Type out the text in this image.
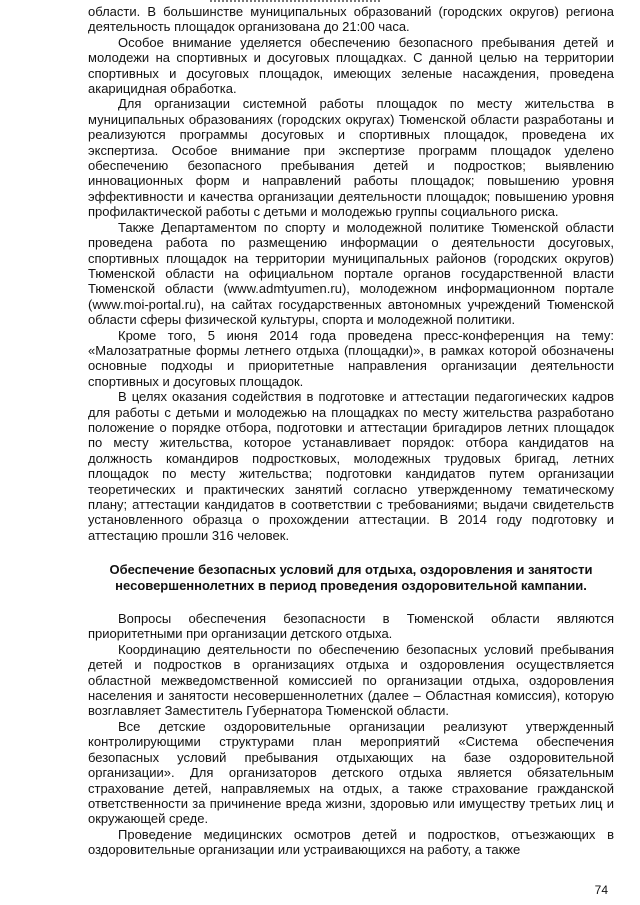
области. В большинстве муниципальных образований (городских округов) региона деятельность площадок организована до 21:00 часа.

Особое внимание уделяется обеспечению безопасного пребывания детей и молодежи на спортивных и досуговых площадках. С данной целью на территории спортивных и досуговых площадок, имеющих зеленые насаждения, проведена акарицидная обработка.

Для организации системной работы площадок по месту жительства в муниципальных образованиях (городских округах) Тюменской области разработаны и реализуются программы досуговых и спортивных площадок, проведена их экспертиза. Особое внимание при экспертизе программ площадок уделено обеспечению безопасного пребывания детей и подростков; выявлению инновационных форм и направлений работы площадок; повышению уровня эффективности и качества организации деятельности площадок; повышению уровня профилактической работы с детьми и молодежью группы социального риска.

Также Департаментом по спорту и молодежной политике Тюменской области проведена работа по размещению информации о деятельности досуговых, спортивных площадок на территории муниципальных районов (городских округов) Тюменской области на официальном портале органов государственной власти Тюменской области (www.admtyumen.ru), молодежном информационном портале (www.moi-portal.ru), на сайтах государственных автономных учреждений Тюменской области сферы физической культуры, спорта и молодежной политики.

Кроме того, 5 июня 2014 года проведена пресс-конференция на тему: «Малозатратные формы летнего отдыха (площадки)», в рамках которой обозначены основные подходы и приоритетные направления организации деятельности спортивных и досуговых площадок.

В целях оказания содействия в подготовке и аттестации педагогических кадров для работы с детьми и молодежью на площадках по месту жительства разработано положение о порядке отбора, подготовки и аттестации бригадиров летних площадок по месту жительства, которое устанавливает порядок: отбора кандидатов на должность командиров подростковых, молодежных трудовых бригад, летних площадок по месту жительства; подготовки кандидатов путем организации теоретических и практических занятий согласно утвержденному тематическому плану; аттестации кандидатов в соответствии с требованиями; выдачи свидетельств установленного образца о прохождении аттестации. В 2014 году подготовку и аттестацию прошли 316 человек.

Обеспечение безопасных условий для отдыха, оздоровления и занятости
несовершеннолетних в период проведения оздоровительной кампании.

Вопросы обеспечения безопасности в Тюменской области являются приоритетными при организации детского отдыха.

Координацию деятельности по обеспечению безопасных условий пребывания детей и подростков в организациях отдыха и оздоровления осуществляется областной межведомственной комиссией по организации отдыха, оздоровления населения и занятости несовершеннолетних (далее – Областная комиссия), которую возглавляет Заместитель Губернатора Тюменской области.

Все детские оздоровительные организации реализуют утвержденный контролирующими структурами план мероприятий «Система обеспечения безопасных условий пребывания отдыхающих на базе оздоровительной организации». Для организаторов детского отдыха является обязательным страхование детей, направляемых на отдых, а также страхование гражданской ответственности за причинение вреда жизни, здоровью или имуществу третьих лиц и окружающей среде.

Проведение медицинских осмотров детей и подростков, отъезжающих в оздоровительные организации или устраивающихся на работу, а также

74
